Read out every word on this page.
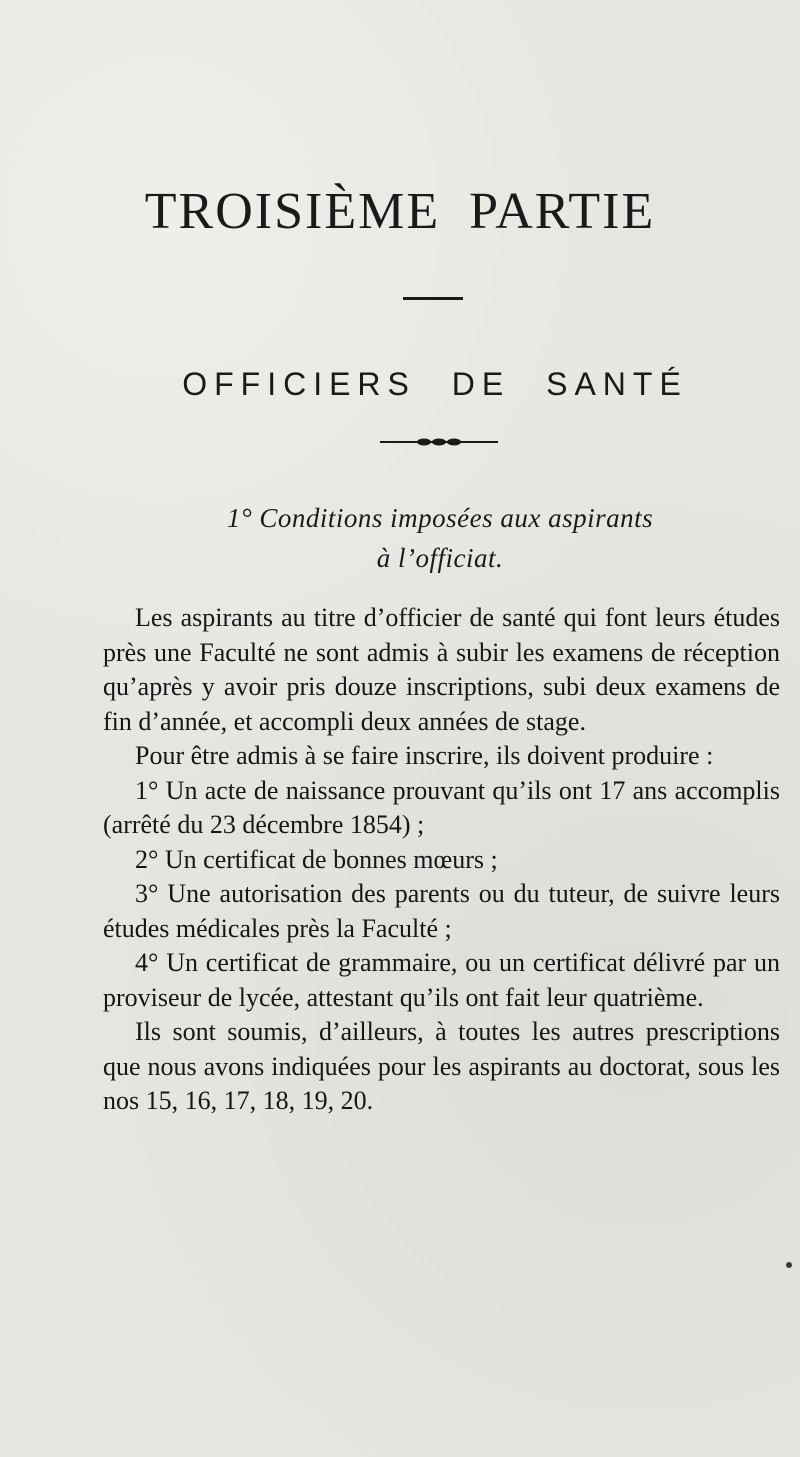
TROISIÈME PARTIE
OFFICIERS DE SANTÉ
1° Conditions imposées aux aspirants
à l’officiat.

Les aspirants au titre d’officier de santé qui font leurs études près une Faculté ne sont admis à subir les examens de réception qu’après y avoir pris douze inscriptions, subi deux examens de fin d’année, et accompli deux années de stage.

Pour être admis à se faire inscrire, ils doivent produire :

1° Un acte de naissance prouvant qu’ils ont 17 ans accomplis (arrêté du 23 décembre 1854) ;

2° Un certificat de bonnes mœurs ;

3° Une autorisation des parents ou du tuteur, de suivre leurs études médicales près la Faculté ;

4° Un certificat de grammaire, ou un certificat délivré par un proviseur de lycée, attestant qu’ils ont fait leur quatrième.

Ils sont soumis, d’ailleurs, à toutes les autres prescriptions que nous avons indiquées pour les aspirants au doctorat, sous les nos 15, 16, 17, 18, 19, 20.
